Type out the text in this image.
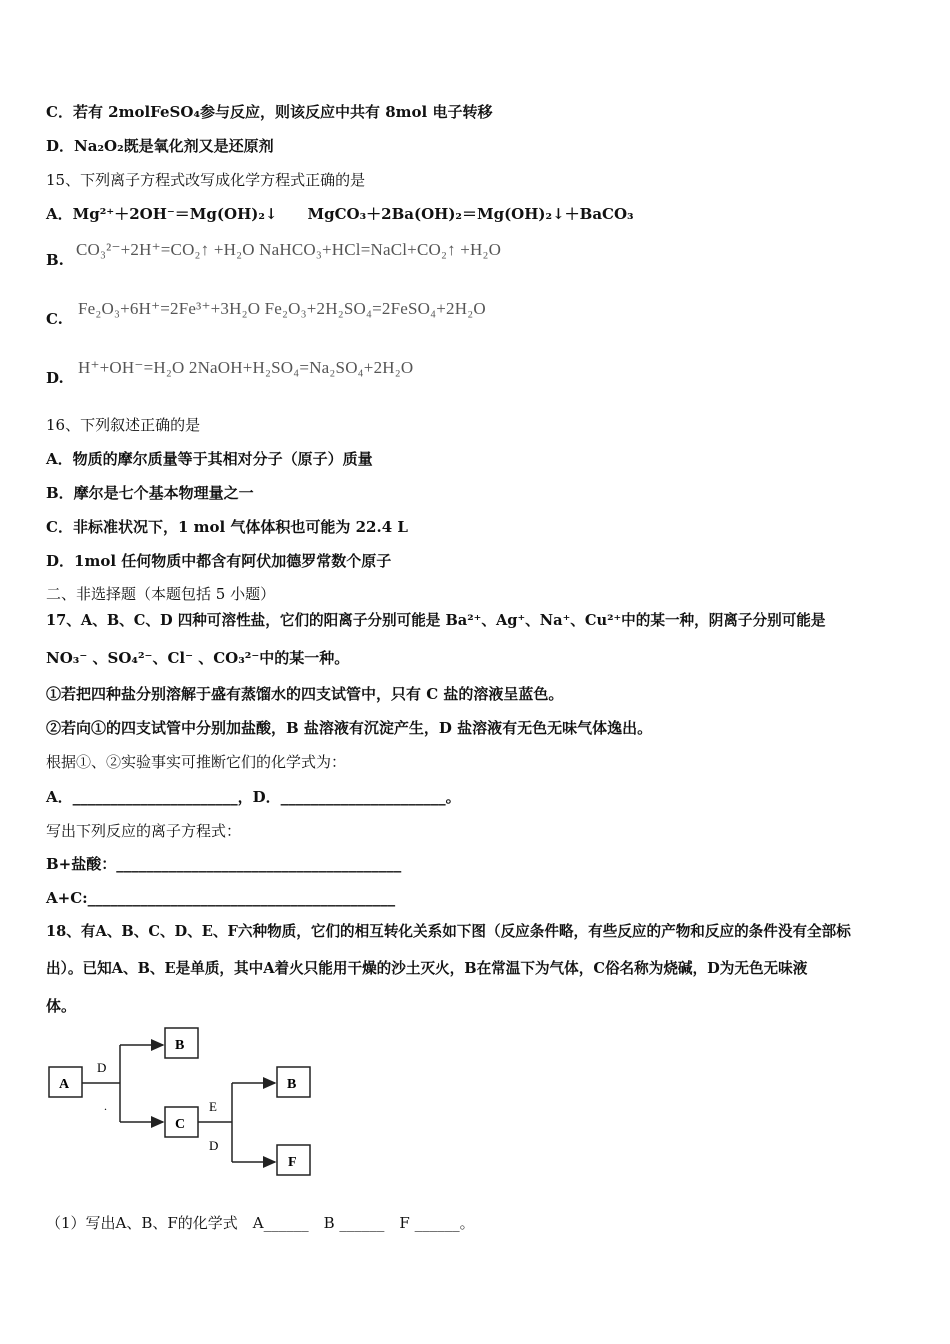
C．若有 2molFeSO₄参与反应，则该反应中共有 8mol 电子转移
D．Na₂O₂既是氧化剂又是还原剂
15、下列离子方程式改写成化学方程式正确的是
A．Mg²⁺＋2OH⁻＝Mg(OH)₂↓　　MgCO₃＋2Ba(OH)₂＝Mg(OH)₂↓＋BaCO₃
B.
CO₃²⁻+2H⁺=CO₂↑ +H₂O NaHCO₃+HCl=NaCl+CO₂↑ +H₂O
C.
Fe₂O₃+6H⁺=2Fe³⁺+3H₂O Fe₂O₃+2H₂SO₄=2FeSO₄+2H₂O
D.
H⁺+OH⁻=H₂O 2NaOH+H₂SO₄=Na₂SO₄+2H₂O
16、下列叙述正确的是
A．物质的摩尔质量等于其相对分子（原子）质量
B．摩尔是七个基本物理量之一
C．非标准状况下，1 mol 气体体积也可能为 22.4 L
D．1mol 任何物质中都含有阿伏加德罗常数个原子
二、非选择题（本题包括 5 小题）
17、A、B、C、D 四种可溶性盐，它们的阳离子分别可能是 Ba²⁺、Ag⁺、Na⁺、Cu²⁺中的某一种，阴离子分别可能是
NO₃⁻ 、SO₄²⁻、Cl⁻ 、CO₃²⁻中的某一种。
①若把四种盐分别溶解于盛有蒸馏水的四支试管中，只有 C 盐的溶液呈蓝色。
②若向①的四支试管中分别加盐酸，B 盐溶液有沉淀产生，D 盐溶液有无色无味气体逸出。
根据①、②实验事实可推断它们的化学式为：
A．______________________，D．______________________。
写出下列反应的离子方程式：
B+盐酸：______________________________________
A+C:_________________________________________
18、有A、B、C、D、E、F六种物质，它们的相互转化关系如下图（反应条件略，有些反应的产物和反应的条件没有全部标
出）。已知A、B、E是单质，其中A着火只能用干燥的沙土灭火，B在常温下为气体，C俗名称为烧碱，D为无色无味液
体。
A
B
C
B
F
D
.	E
D
（1）写出A、B、F的化学式　A______　B ______　F ______。
